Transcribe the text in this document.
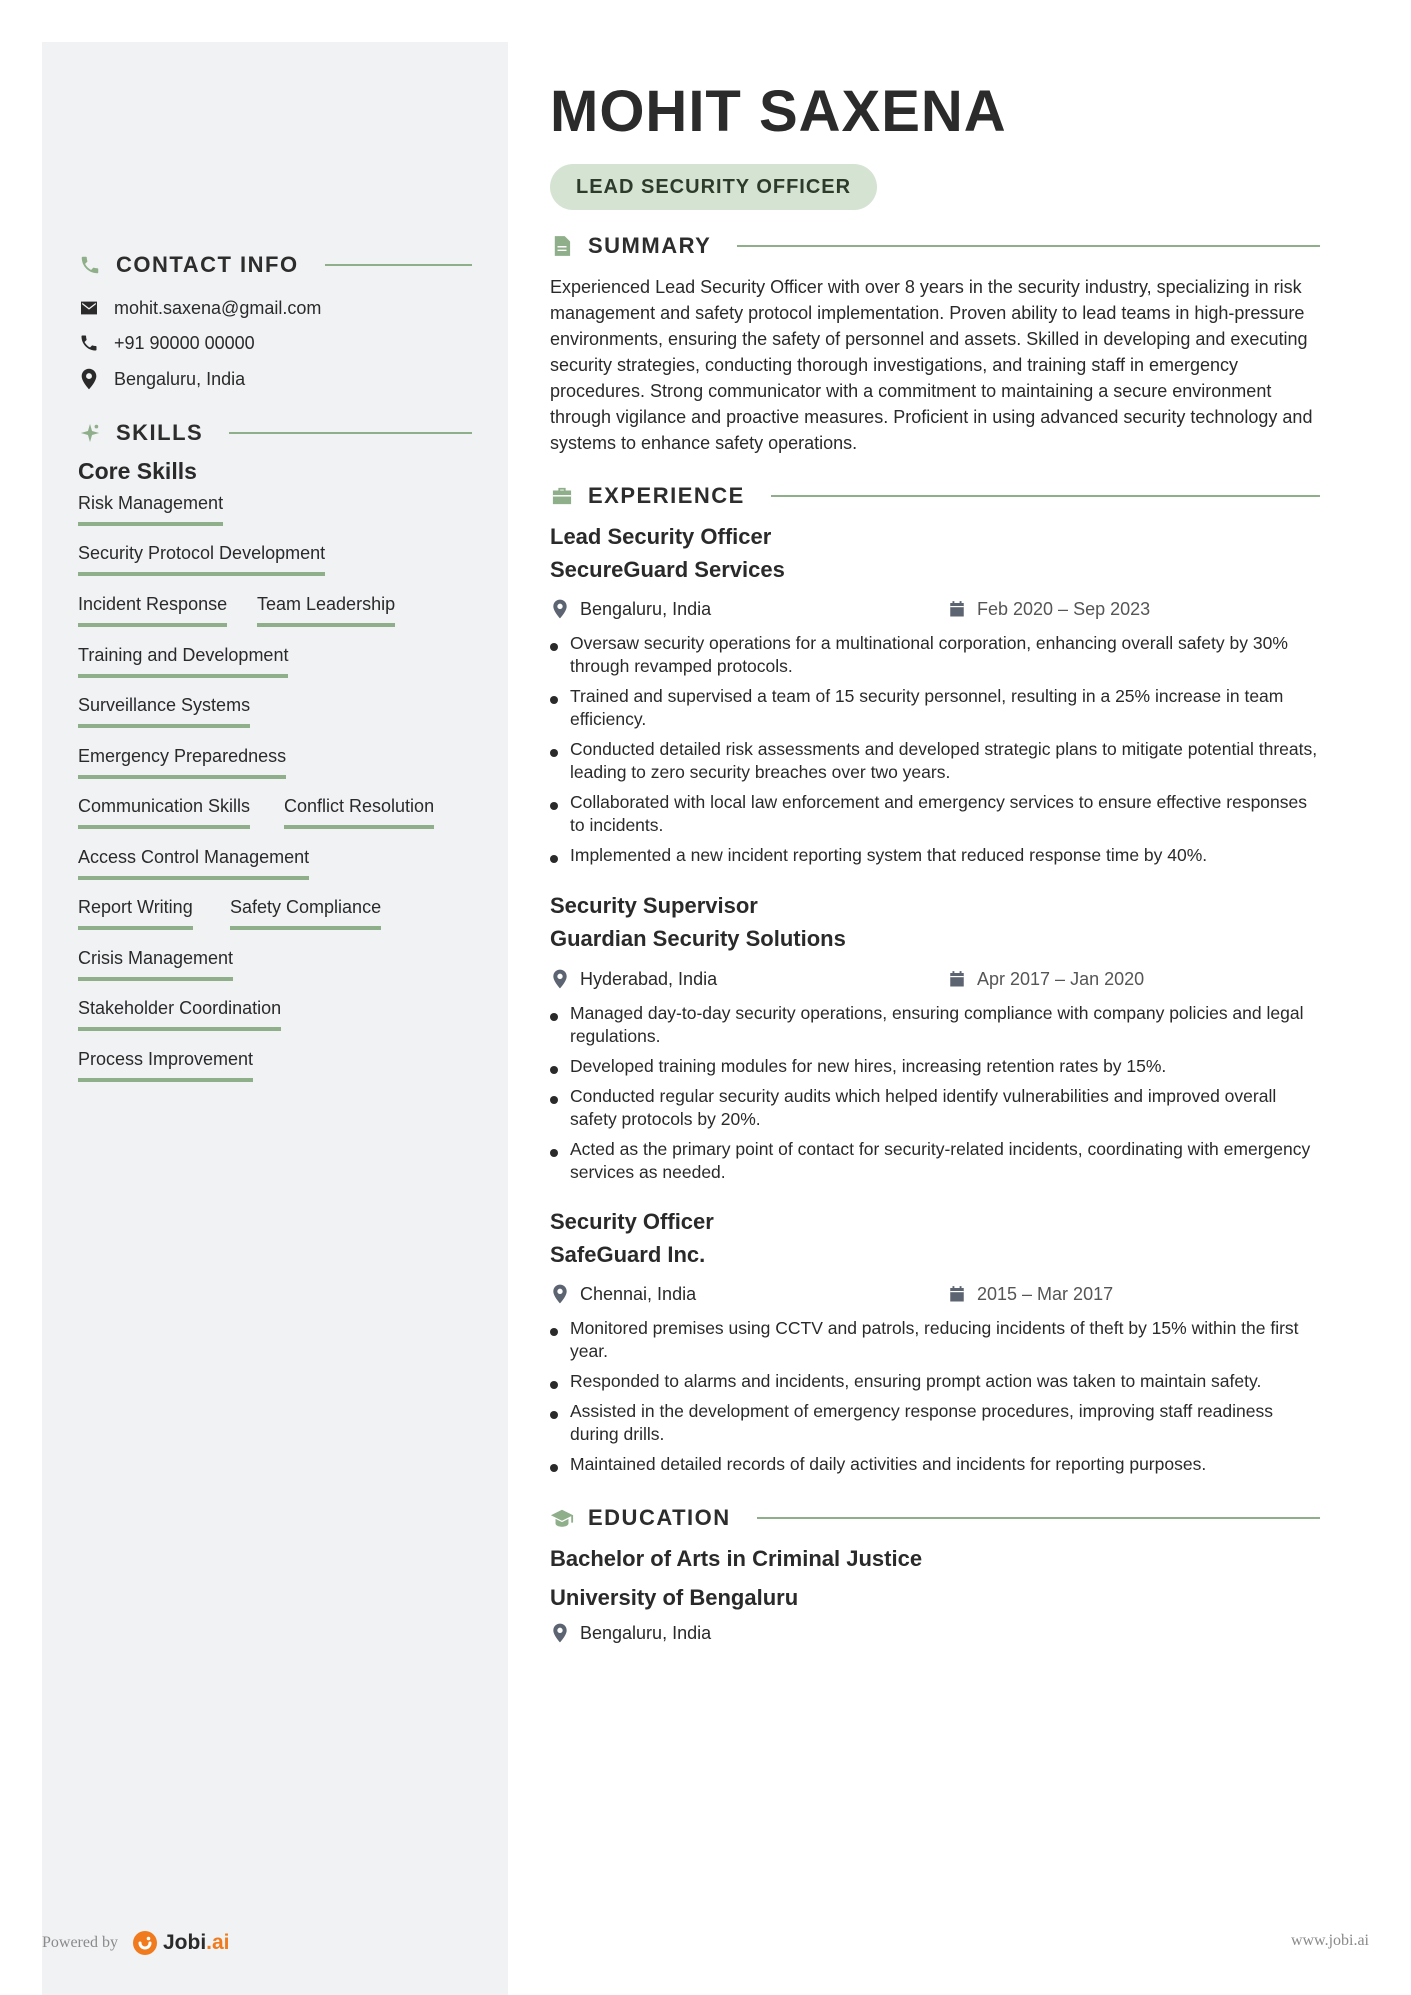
CONTACT INFO
mohit.saxena@gmail.com
+91 90000 00000
Bengaluru, India
SKILLS
Core Skills
Risk Management
Security Protocol Development
Incident Response Team Leadership
Training and Development
Surveillance Systems
Emergency Preparedness
Communication Skills Conflict Resolution
Access Control Management
Report Writing Safety Compliance
Crisis Management
Stakeholder Coordination
Process Improvement
MOHIT SAXENA
LEAD SECURITY OFFICER
SUMMARY

Experienced Lead Security Officer with over 8 years in the security industry, specializing in risk management and safety protocol implementation. Proven ability to lead teams in high-pressure environments, ensuring the safety of personnel and assets. Skilled in developing and executing security strategies, conducting thorough investigations, and training staff in emergency procedures. Strong communicator with a commitment to maintaining a secure environment through vigilance and proactive measures. Proficient in using advanced security technology and systems to enhance safety operations.

EXPERIENCE
Lead Security Officer
SecureGuard Services
Bengaluru, India	Feb 2020 – Sep 2023
Oversaw security operations for a multinational corporation, enhancing overall safety by 30% through revamped protocols.
Trained and supervised a team of 15 security personnel, resulting in a 25% increase in team efficiency.
Conducted detailed risk assessments and developed strategic plans to mitigate potential threats, leading to zero security breaches over two years.
Collaborated with local law enforcement and emergency services to ensure effective responses to incidents.
Implemented a new incident reporting system that reduced response time by 40%.
Security Supervisor
Guardian Security Solutions
Hyderabad, India	Apr 2017 – Jan 2020
Managed day-to-day security operations, ensuring compliance with company policies and legal regulations.
Developed training modules for new hires, increasing retention rates by 15%.
Conducted regular security audits which helped identify vulnerabilities and improved overall safety protocols by 20%.
Acted as the primary point of contact for security-related incidents, coordinating with emergency services as needed.
Security Officer
SafeGuard Inc.
Chennai, India	2015 – Mar 2017
Monitored premises using CCTV and patrols, reducing incidents of theft by 15% within the first year.
Responded to alarms and incidents, ensuring prompt action was taken to maintain safety.
Assisted in the development of emergency response procedures, improving staff readiness during drills.
Maintained detailed records of daily activities and incidents for reporting purposes.
EDUCATION
Bachelor of Arts in Criminal Justice
University of Bengaluru
Bengaluru, India
Powered by Jobi .ai	www.jobi.ai
